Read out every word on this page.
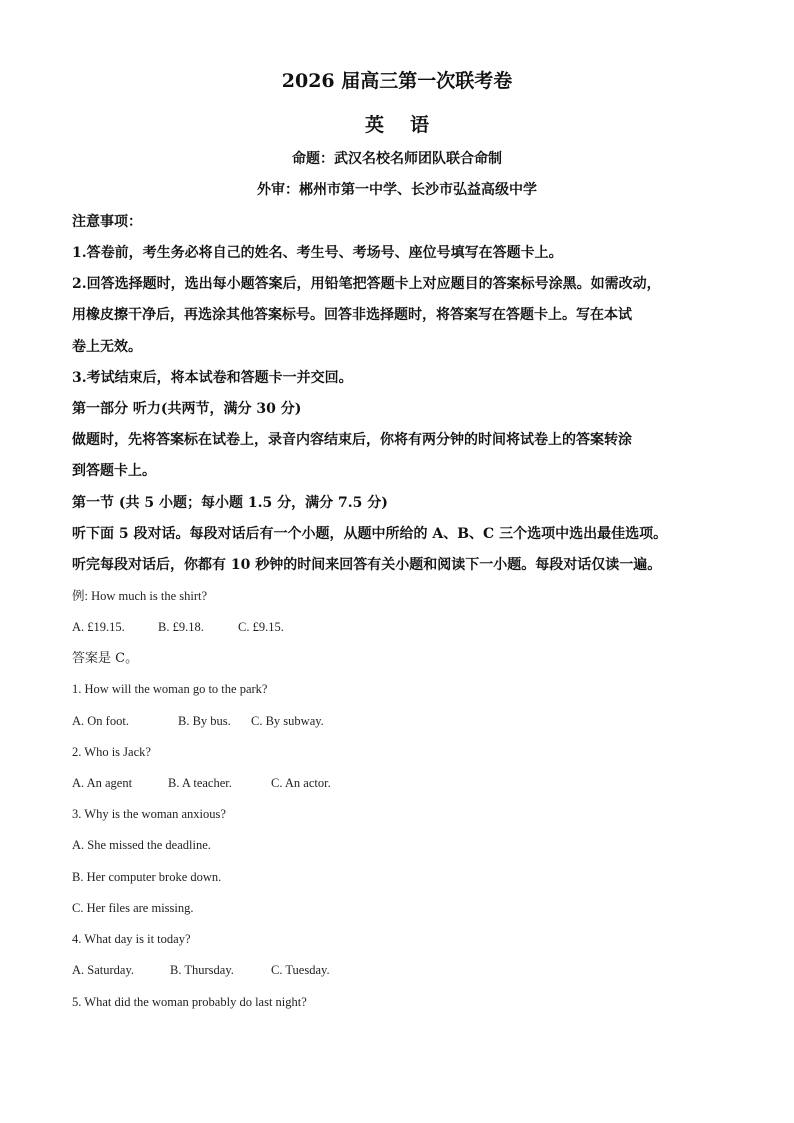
2026 届高三第一次联考卷
英语
命题：武汉名校名师团队联合命制
外审：郴州市第一中学、长沙市弘益高级中学
注意事项：
1.答卷前，考生务必将自己的姓名、考生号、考场号、座位号填写在答题卡上。
2.回答选择题时，选出每小题答案后，用铅笔把答题卡上对应题目的答案标号涂黑。如需改动，
用橡皮擦干净后，再选涂其他答案标号。回答非选择题时，将答案写在答题卡上。写在本试
卷上无效。
3.考试结束后，将本试卷和答题卡一并交回。
第一部分 听力(共两节，满分 30 分)
做题时，先将答案标在试卷上，录音内容结束后，你将有两分钟的时间将试卷上的答案转涂
到答题卡上。
第一节 (共 5 小题；每小题 1.5 分，满分 7.5 分)
听下面 5 段对话。每段对话后有一个小题，从题中所给的 A、B、C 三个选项中选出最佳选项。
听完每段对话后，你都有 10 秒钟的时间来回答有关小题和阅读下一小题。每段对话仅读一遍。
例: How much is the shirt?
A. £19.15.	B. £9.18.	C. £9.15.
答案是 C。
1. How will the woman go to the park?
A. On foot.	B. By bus. C. By subway.
2. Who is Jack?
A. An agent	B. A teacher.	C. An actor.
3. Why is the woman anxious?
A. She missed the deadline.
B. Her computer broke down.
C. Her files are missing.
4. What day is it today?
A. Saturday.	B. Thursday.	C. Tuesday.
5. What did the woman probably do last night?
